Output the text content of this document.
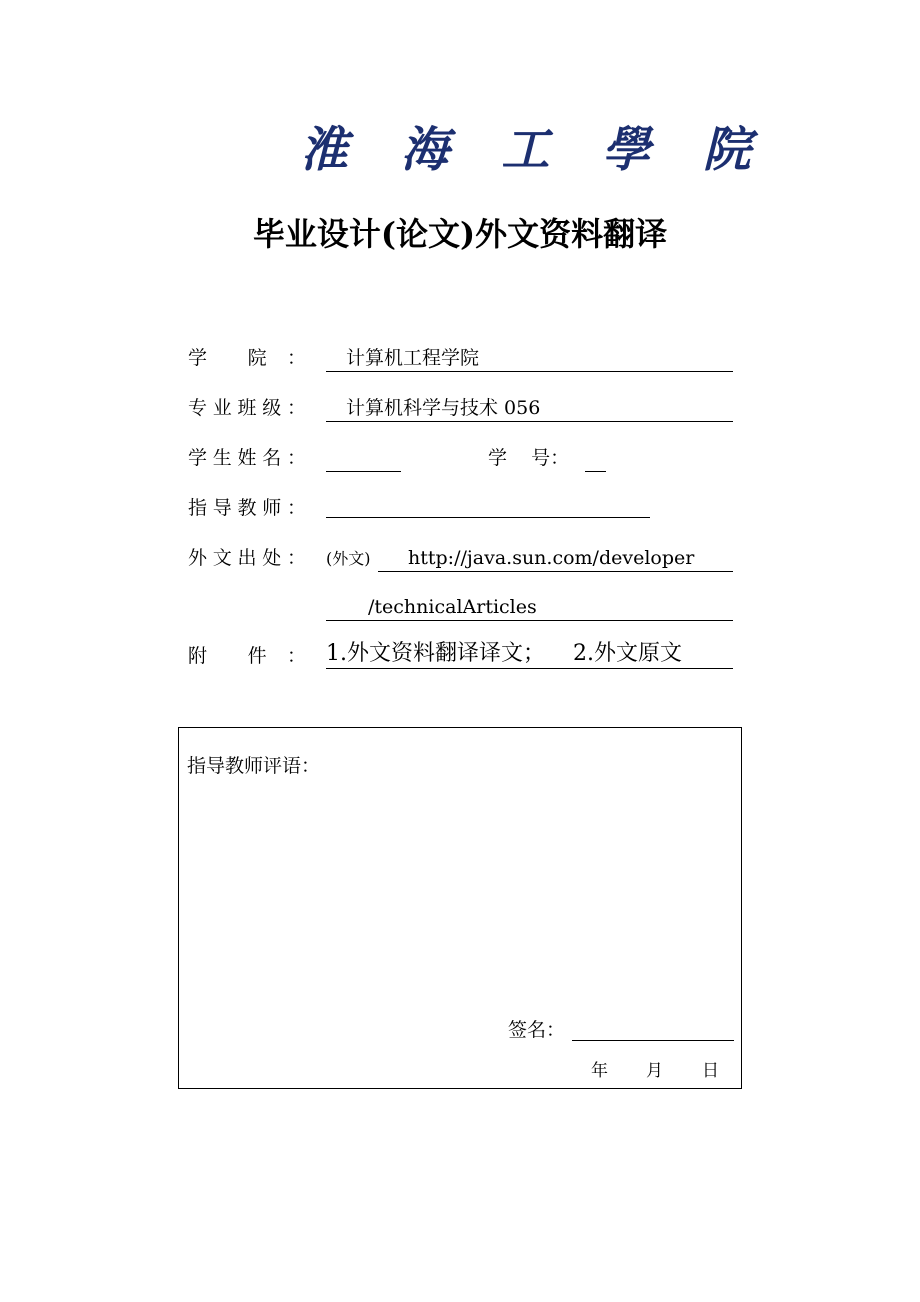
淮 海 工 學 院
毕业设计(论文)外文资料翻译
学 院 ：	计算机工程学院
专 业 班 级 ：	计算机科学与技术 056
学 生 姓 名 ：	学    号：
指 导 教 师 ：
外 文 出 处 ： (外文)	http://java.sun.com/developer
/technicalArticles
附 件 ： 1.外文资料翻译译文；    2.外文原文
指导教师评语：
签名：
年 月 日
